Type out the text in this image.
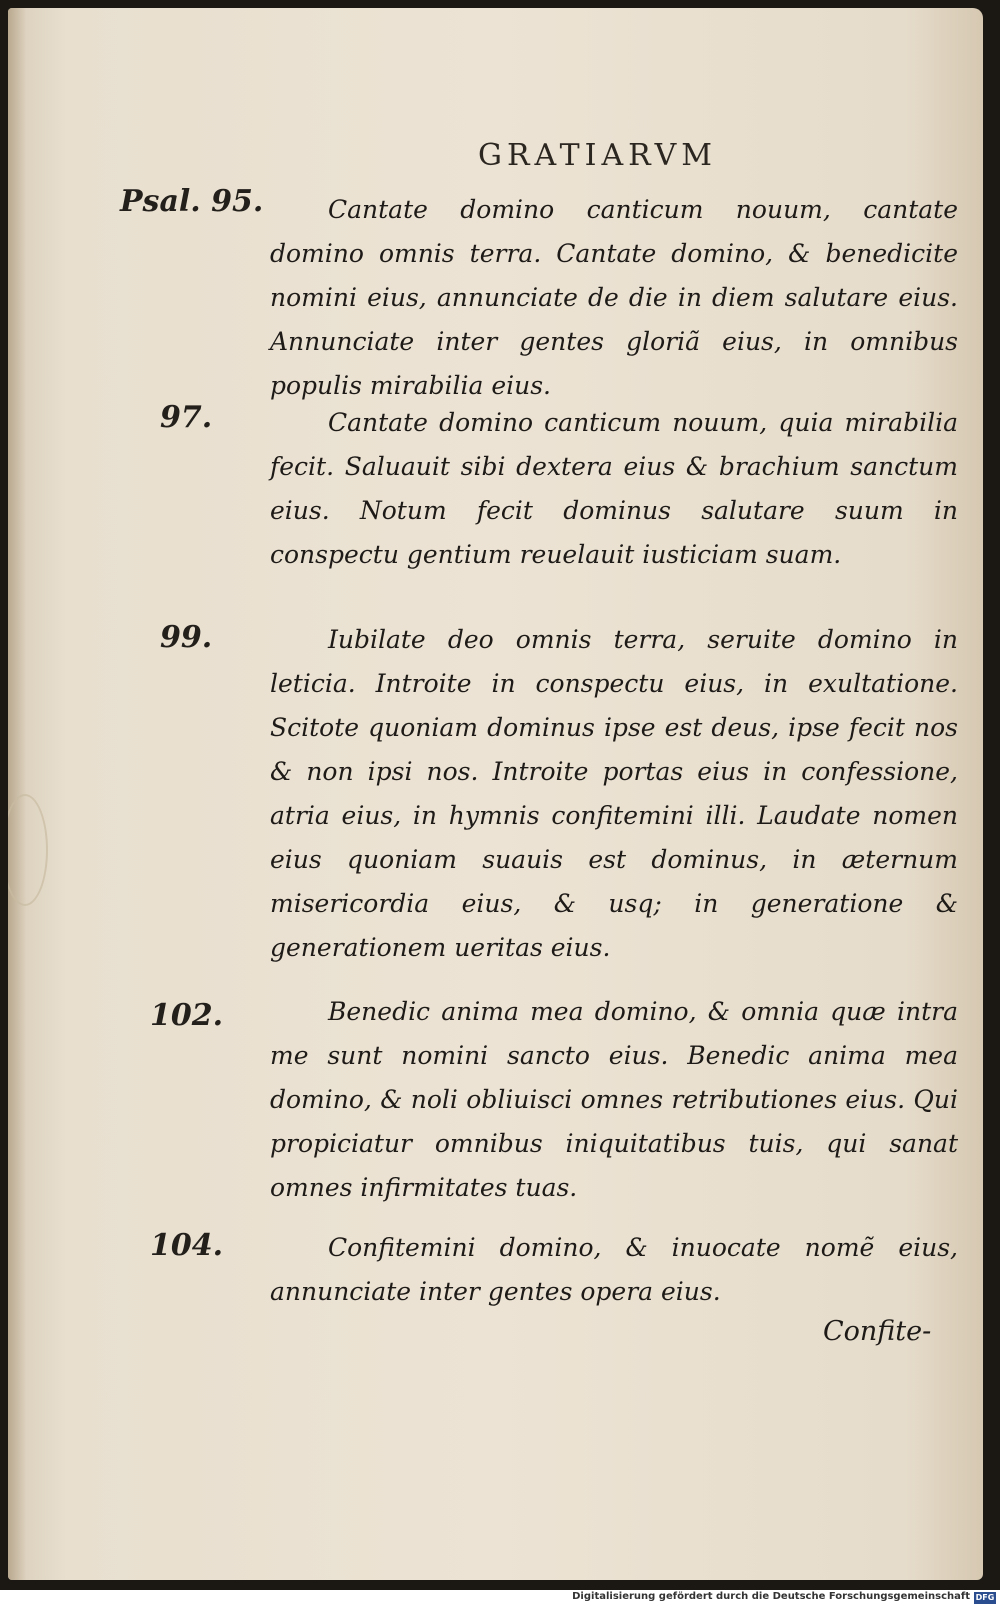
GRATIARVM
Psal. 95.	Cantate domino canticum nouum, cantate domino omnis terra. Cantate domino, & benedicite nomini eius, annunciate de die in diem salutare eius. Annunciate inter gentes gloriã eius, in omnibus populis mirabilia eius.
97.	Cantate domino canticum nouum, quia mirabilia fecit. Saluauit sibi dextera eius & brachium sanctum eius. Notum fecit dominus salutare suum in conspectu gentium reuelauit iusticiam suam.
99.	Iubilate deo omnis terra, seruite domino in leticia. Introite in conspectu eius, in exultatione. Scitote quoniam dominus ipse est deus, ipse fecit nos & non ipsi nos. Introite portas eius in confessione, atria eius, in hymnis confitemini illi. Laudate nomen eius quoniam suauis est dominus, in æternum misericordia eius, & usq; in generatione & generationem ueritas eius.
102.	Benedic anima mea domino, & omnia quæ intra me sunt nomini sancto eius. Benedic anima mea domino, & noli obliuisci omnes retributiones eius. Qui propiciatur omnibus iniquitatibus tuis, qui sanat omnes infirmitates tuas.
104.	Confitemini domino, & inuocate nomẽ eius, annunciate inter gentes opera eius.
Confite-
Digitalisierung gefördert durch die Deutsche Forschungsgemeinschaft DFG
